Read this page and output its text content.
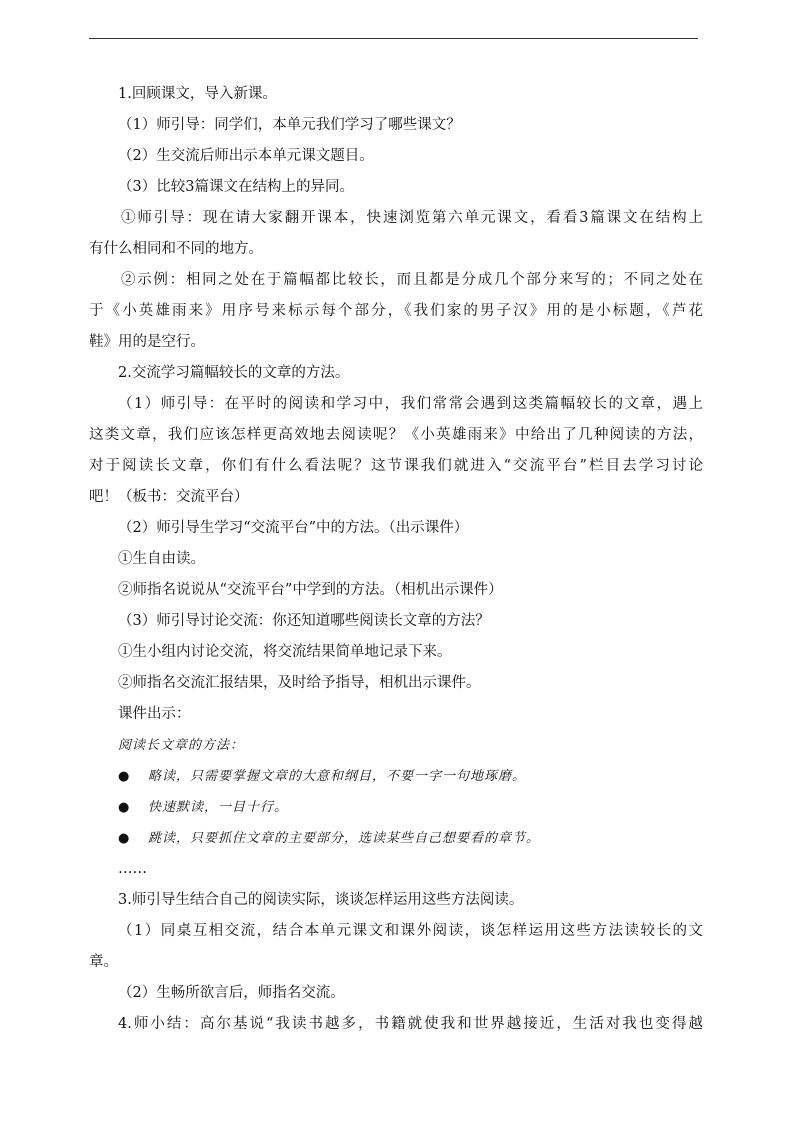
1.回顾课文，导入新课。
（1）师引导：同学们，本单元我们学习了哪些课文？
（2）生交流后师出示本单元课文题目。
（3）比较3篇课文在结构上的异同。
①师引导：现在请大家翻开课本，快速浏览第六单元课文，看看3篇课文在结构上
有什么相同和不同的地方。
②示例：相同之处在于篇幅都比较长，而且都是分成几个部分来写的；不同之处在
于《小英雄雨来》用序号来标示每个部分，《我们家的男子汉》用的是小标题，《芦花
鞋》用的是空行。
2.交流学习篇幅较长的文章的方法。
（1）师引导：在平时的阅读和学习中，我们常常会遇到这类篇幅较长的文章，遇上
这类文章，我们应该怎样更高效地去阅读呢？《小英雄雨来》中给出了几种阅读的方法，
对于阅读长文章，你们有什么看法呢？这节课我们就进入“交流平台”栏目去学习讨论
吧！（板书：交流平台）
（2）师引导生学习“交流平台”中的方法。（出示课件）
①生自由读。
②师指名说说从“交流平台”中学到的方法。（相机出示课件）
（3）师引导讨论交流：你还知道哪些阅读长文章的方法？
①生小组内讨论交流，将交流结果简单地记录下来。
②师指名交流汇报结果，及时给予指导，相机出示课件。
课件出示：
阅读长文章的方法：
● 略读，只需要掌握文章的大意和纲目，不要一字一句地琢磨。
● 快速默读，一目十行。
● 跳读，只要抓住文章的主要部分，选读某些自己想要看的章节。
……
3.师引导生结合自己的阅读实际，谈谈怎样运用这些方法阅读。
（1）同桌互相交流，结合本单元课文和课外阅读，谈怎样运用这些方法读较长的文
章。
（2）生畅所欲言后，师指名交流。
4.师小结：高尔基说“我读书越多，书籍就使我和世界越接近，生活对我也变得越
